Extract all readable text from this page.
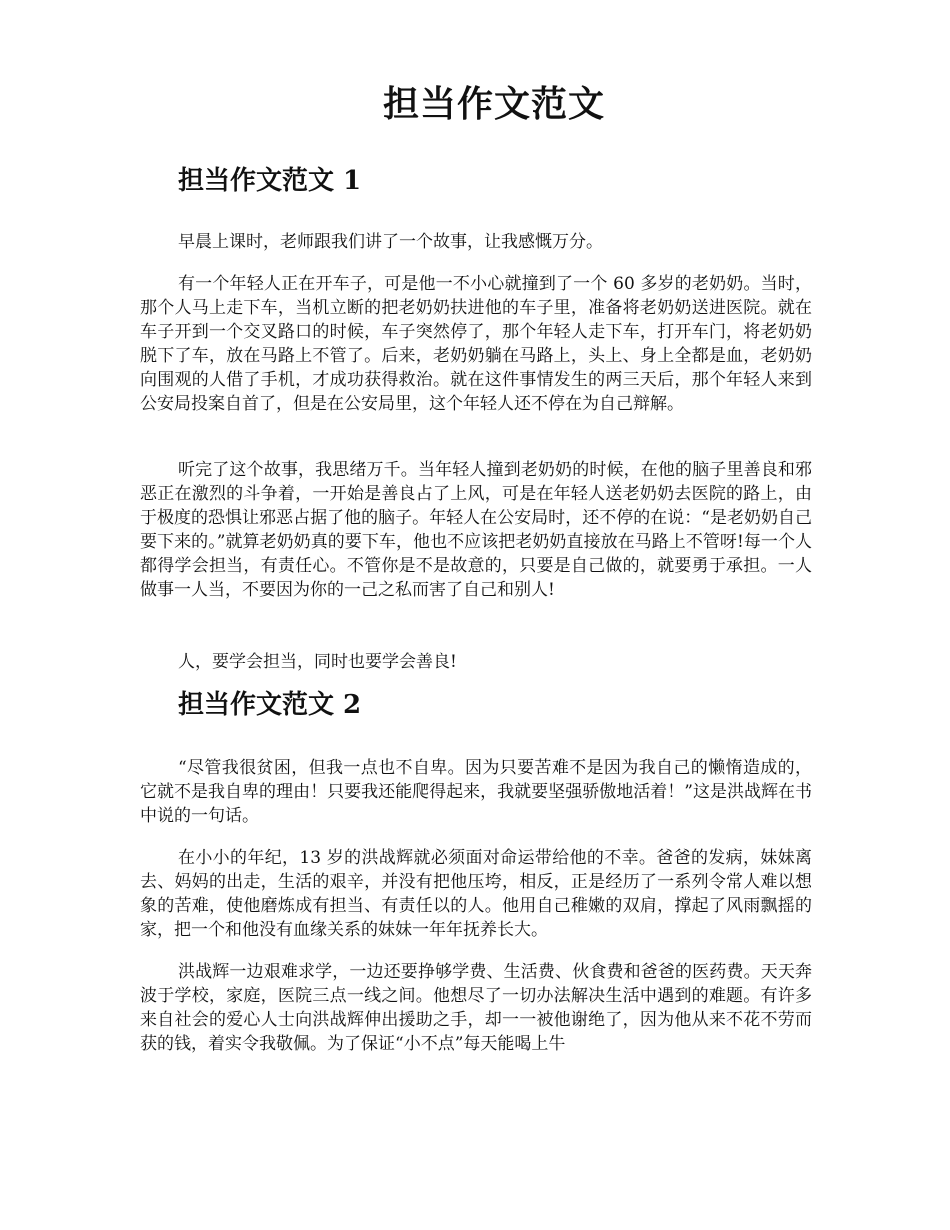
担当作文范文
担当作文范文 1

早晨上课时，老师跟我们讲了一个故事，让我感慨万分。

有一个年轻人正在开车子，可是他一不小心就撞到了一个 60 多岁的老奶奶。当时，那个人马上走下车，当机立断的把老奶奶扶进他的车子里，准备将老奶奶送进医院。就在车子开到一个交叉路口的时候，车子突然停了，那个年轻人走下车，打开车门，将老奶奶脱下了车，放在马路上不管了。后来，老奶奶躺在马路上，头上、身上全都是血，老奶奶向围观的人借了手机，才成功获得救治。就在这件事情发生的两三天后，那个年轻人来到公安局投案自首了，但是在公安局里，这个年轻人还不停在为自己辩解。

听完了这个故事，我思绪万千。当年轻人撞到老奶奶的时候，在他的脑子里善良和邪恶正在激烈的斗争着，一开始是善良占了上风，可是在年轻人送老奶奶去医院的路上，由于极度的恐惧让邪恶占据了他的脑子。年轻人在公安局时，还不停的在说：“是老奶奶自己要下来的。”就算老奶奶真的要下车，他也不应该把老奶奶直接放在马路上不管呀!每一个人都得学会担当，有责任心。不管你是不是故意的，只要是自己做的，就要勇于承担。一人做事一人当，不要因为你的一己之私而害了自己和别人!

人，要学会担当，同时也要学会善良!

担当作文范文 2

“尽管我很贫困，但我一点也不自卑。因为只要苦难不是因为我自己的懒惰造成的，它就不是我自卑的理由！只要我还能爬得起来，我就要坚强骄傲地活着！”这是洪战辉在书中说的一句话。

在小小的年纪，13 岁的洪战辉就必须面对命运带给他的不幸。爸爸的发病，妹妹离去、妈妈的出走，生活的艰辛，并没有把他压垮，相反，正是经历了一系列令常人难以想象的苦难，使他磨炼成有担当、有责任以的人。他用自己稚嫩的双肩，撑起了风雨飘摇的家，把一个和他没有血缘关系的妹妹一年年抚养长大。

洪战辉一边艰难求学，一边还要挣够学费、生活费、伙食费和爸爸的医药费。天天奔波于学校，家庭，医院三点一线之间。他想尽了一切办法解决生活中遇到的难题。有许多来自社会的爱心人士向洪战辉伸出援助之手，却一一被他谢绝了，因为他从来不花不劳而获的钱，着实令我敬佩。为了保证“小不点”每天能喝上牛
